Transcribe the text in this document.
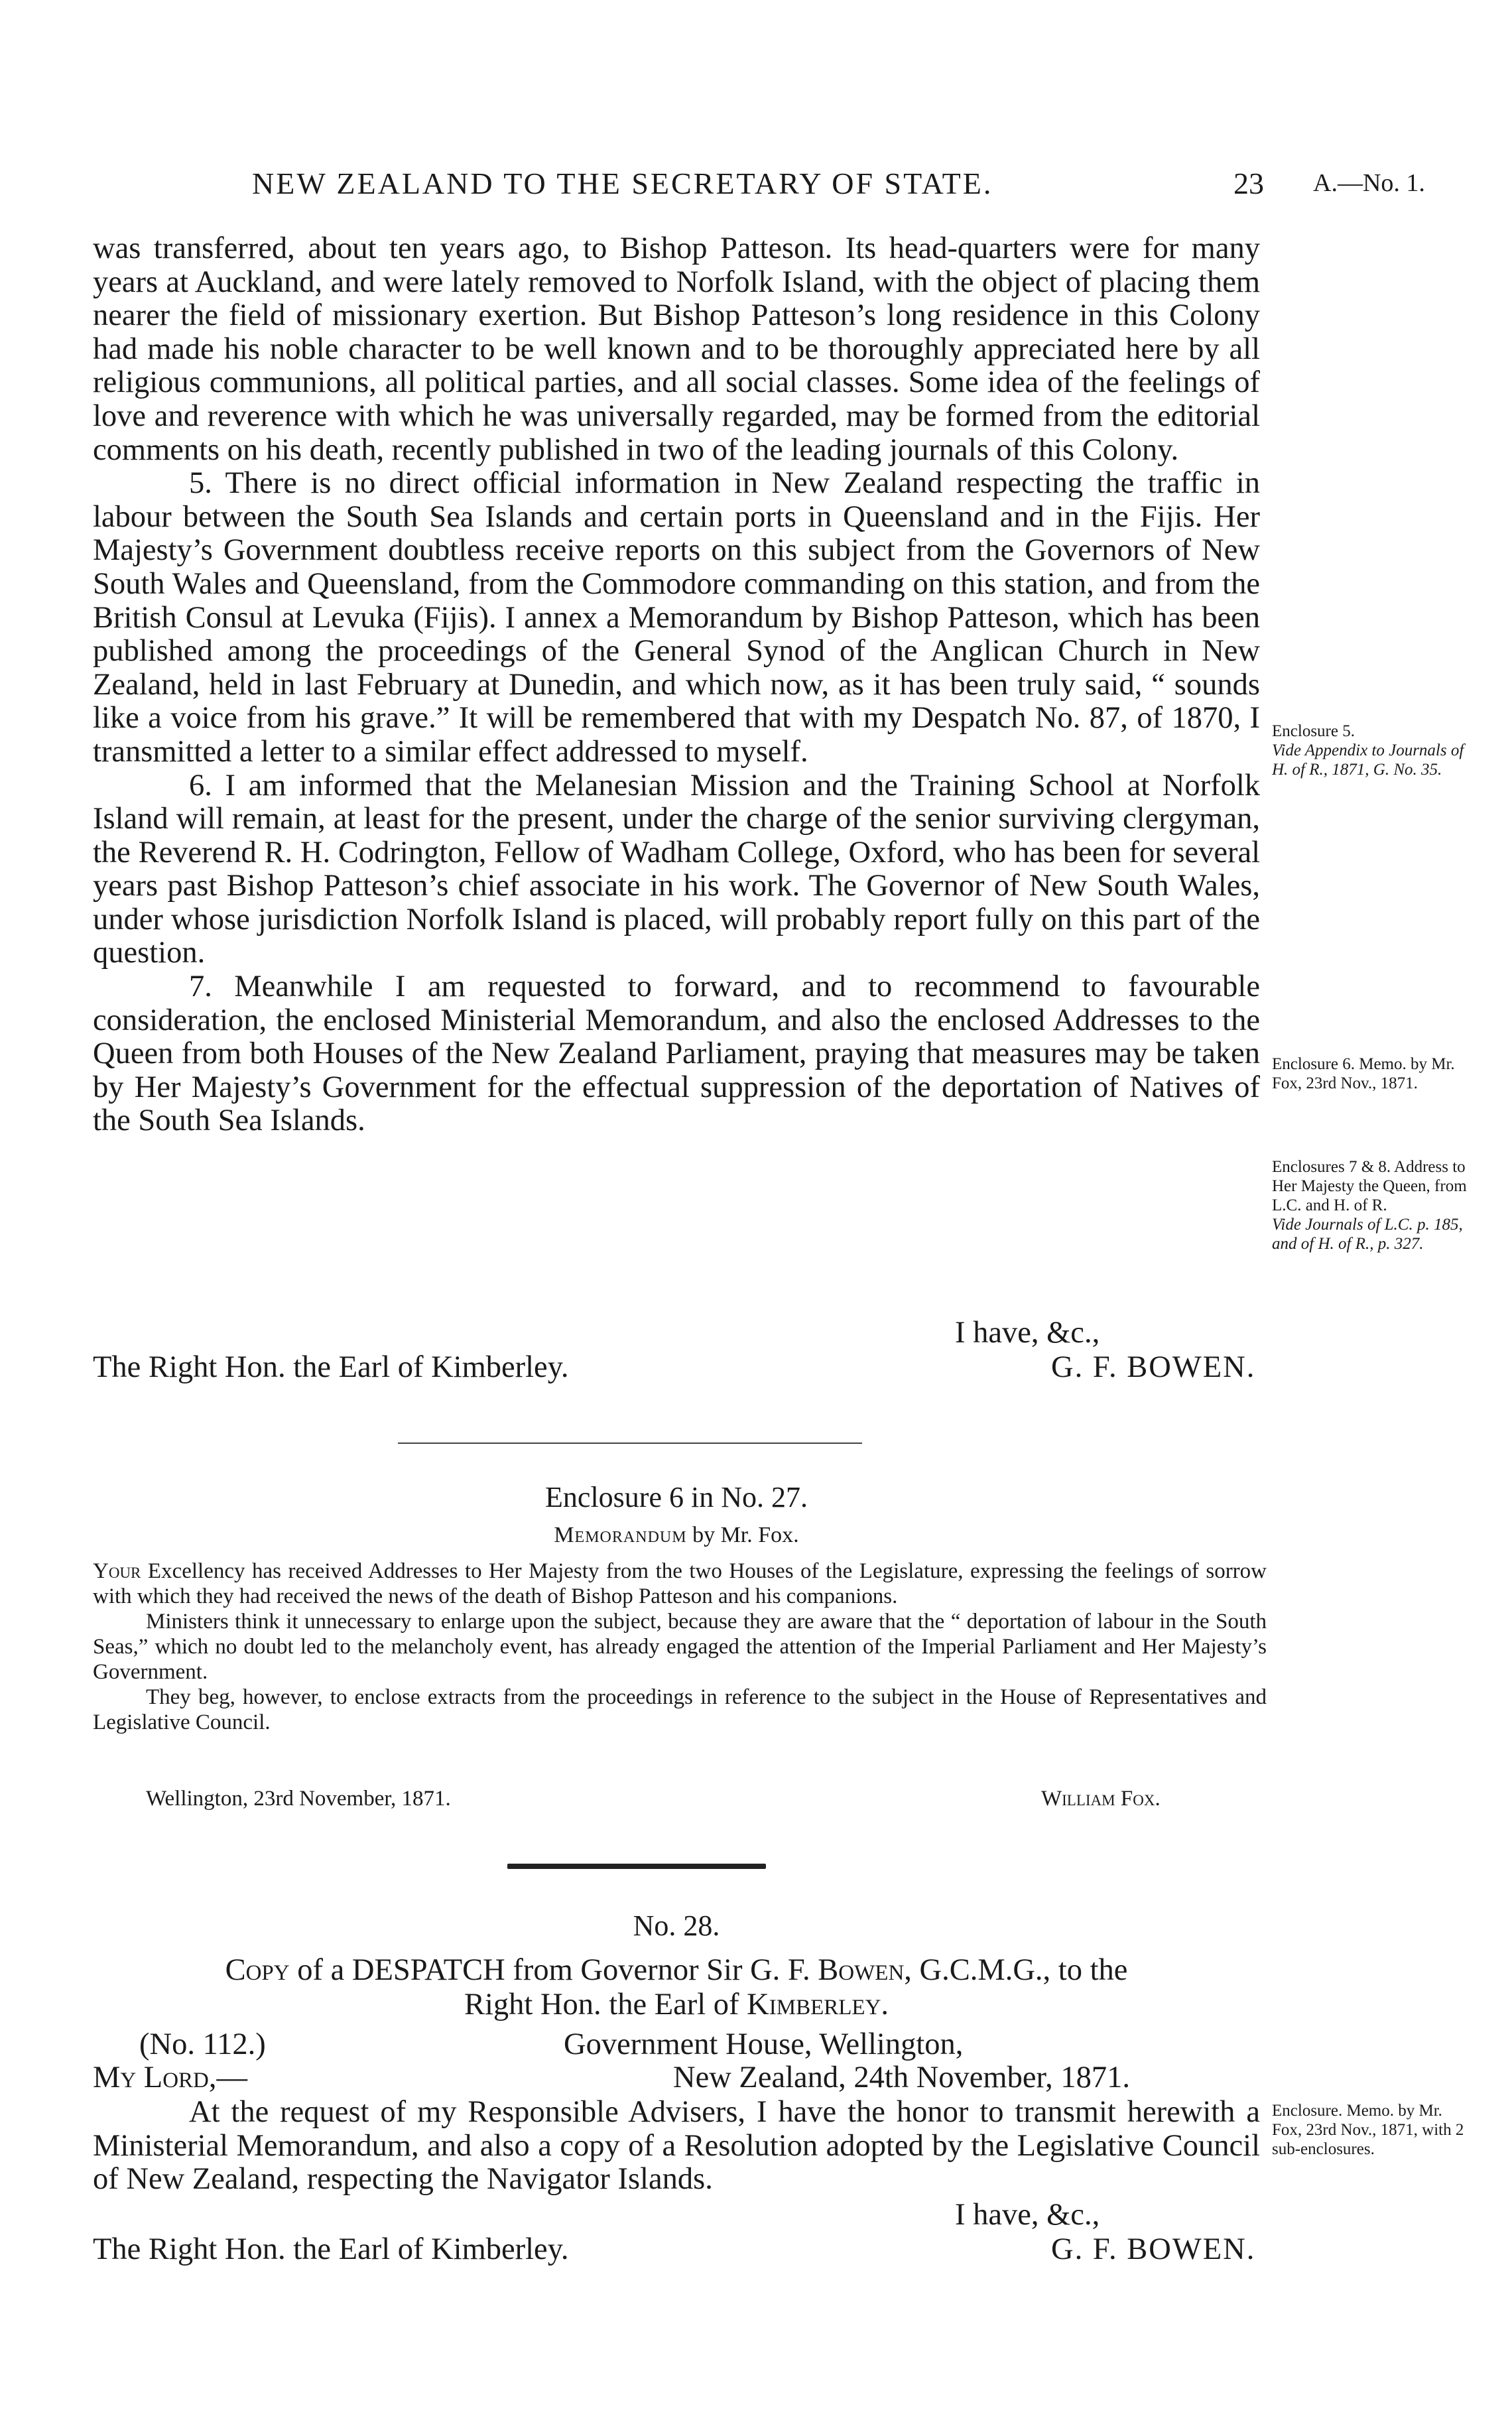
NEW ZEALAND TO THE SECRETARY OF STATE.	23 A.—No. 1.

was transferred, about ten years ago, to Bishop Patteson. Its head-quarters were for many years at Auckland, and were lately removed to Norfolk Island, with the object of placing them nearer the field of missionary exertion. But Bishop Patteson’s long residence in this Colony had made his noble character to be well known and to be thoroughly appreciated here by all religious communions, all political parties, and all social classes. Some idea of the feelings of love and reverence with which he was universally regarded, may be formed from the editorial comments on his death, recently published in two of the leading journals of this Colony.

5. There is no direct official information in New Zealand respecting the traffic in labour between the South Sea Islands and certain ports in Queensland and in the Fijis. Her Majesty’s Government doubtless receive reports on this subject from the Governors of New South Wales and Queensland, from the Commodore commanding on this station, and from the British Consul at Levuka (Fijis). I annex a Memorandum by Bishop Patteson, which has been published among the proceedings of the General Synod of the Anglican Church in New Zealand, held in last February at Dunedin, and which now, as it has been truly said, “ sounds like a voice from his grave.” It will be remembered that with my Despatch No. 87, of 1870, I transmitted a letter to a similar effect addressed to myself.

6. I am informed that the Melanesian Mission and the Training School at Norfolk Island will remain, at least for the present, under the charge of the senior surviving clergyman, the Reverend R. H. Codrington, Fellow of Wadham College, Oxford, who has been for several years past Bishop Patteson’s chief associate in his work. The Governor of New South Wales, under whose jurisdiction Norfolk Island is placed, will probably report fully on this part of the question.

7. Meanwhile I am requested to forward, and to recommend to favourable consideration, the enclosed Ministerial Memorandum, and also the enclosed Addresses to the Queen from both Houses of the New Zealand Parliament, praying that measures may be taken by Her Majesty’s Government for the effectual suppression of the deportation of Natives of the South Sea Islands.

Enclosure 5.
Vide Appendix to Journals of H. of R., 1871, G. No. 35.
Enclosure 6. Memo. by Mr. Fox, 23rd Nov., 1871.
Enclosures 7 & 8. Address to Her Majesty the Queen, from L.C. and H. of R.
Vide Journals of L.C. p. 185, and of H. of R., p. 327.
I have, &c.,
The Right Hon. the Earl of Kimberley.	G. F. BOWEN.
Enclosure 6 in No. 27.
Memorandum by Mr. Fox.

Your Excellency has received Addresses to Her Majesty from the two Houses of the Legislature, expressing the feelings of sorrow with which they had received the news of the death of Bishop Patteson and his companions.

Ministers think it unnecessary to enlarge upon the subject, because they are aware that the “ deportation of labour in the South Seas,” which no doubt led to the melancholy event, has already engaged the attention of the Imperial Parliament and Her Majesty’s Government.

They beg, however, to enclose extracts from the proceedings in reference to the subject in the House of Representatives and Legislative Council.

Wellington, 23rd November, 1871.	William Fox.
No. 28.
Copy of a DESPATCH from Governor Sir G. F. Bowen, G.C.M.G., to the
Right Hon. the Earl of Kimberley.
(No. 112.)	Government House, Wellington,
My Lord,—	New Zealand, 24th November, 1871.

At the request of my Responsible Advisers, I have the honor to transmit herewith a Ministerial Memorandum, and also a copy of a Resolution adopted by the Legislative Council of New Zealand, respecting the Navigator Islands.

Enclosure. Memo. by Mr. Fox, 23rd Nov., 1871, with 2 sub-enclosures.
I have, &c.,
The Right Hon. the Earl of Kimberley.	G. F. BOWEN.
